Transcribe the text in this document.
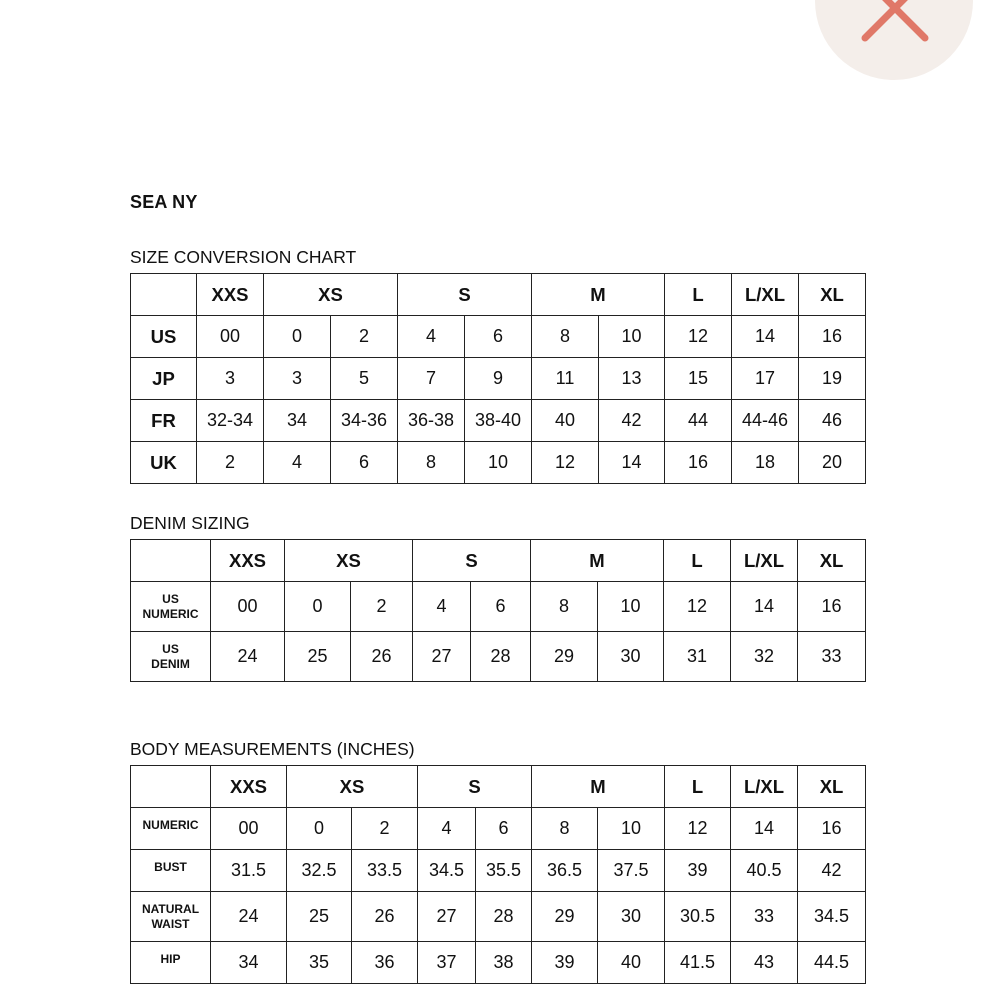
SEA NY
SIZE CONVERSION CHART
	XXS	XS		S		M		L	L/XL	XL
US	00	0	2	4	6	8	10	12	14	16
JP	3	3	5	7	9	11	13	15	17	19
FR	32-34	34	34-36	36-38	38-40	40	42	44	44-46	46
UK	2	4	6	8	10	12	14	16	18	20
DENIM SIZING
	XXS	XS		S		M		L	L/XL	XL

US
NUMERIC	00	0	2	4	6	8	10	12	14	16

US
DENIM	24	25	26	27	28	29	30	31	32	33
BODY MEASUREMENTS (INCHES)
	XXS	XS		S		M		L	L/XL	XL

NUMERIC	00	0	2	4	6	8	10	12	14	16

BUST	31.5	32.5	33.5	34.5	35.5	36.5	37.5	39	40.5	42

NATURAL
WAIST	24	25	26	27	28	29	30	30.5	33	34.5

HIP	34	35	36	37	38	39	40	41.5	43	44.5
